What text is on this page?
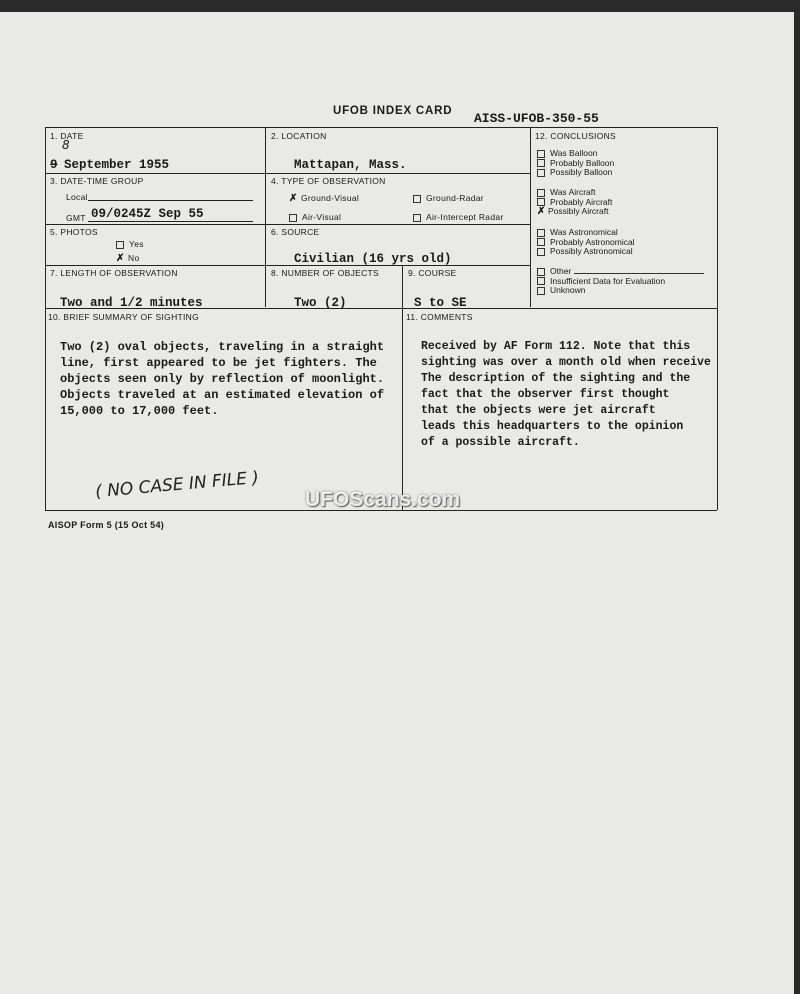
UFOB INDEX CARD AISS-UFOB-350-55
1. DATE
8
9 September 1955
2. LOCATION
Mattapan, Mass.
3. DATE-TIME GROUP
Local
GMT 09/0245Z Sep 55
4. TYPE OF OBSERVATION
✗ Ground-Visual	Ground-Radar
Air-Visual	Air-Intercept Radar
5. PHOTOS
Yes
✗ No
6. SOURCE
Civilian (16 yrs old)
7. LENGTH OF OBSERVATION
Two and 1/2 minutes
8. NUMBER OF OBJECTS
Two (2)
9. COURSE
S to SE
12. CONCLUSIONS
Was Balloon
Probably Balloon
Possibly Balloon
Was Aircraft
Probably Aircraft
✗ Possibly Aircraft
Was Astronomical
Probably Astronomical
Possibly Astronomical
Other
Insufficient Data for Evaluation
Unknown
10. BRIEF SUMMARY OF SIGHTING
Two (2) oval objects, traveling in a straight
line, first appeared to be jet fighters. The
objects seen only by reflection of moonlight.
Objects traveled at an estimated elevation of
15,000 to 17,000 feet.
11. COMMENTS
Received by AF Form 112. Note that this
sighting was over a month old when receive
The description of the sighting and the
fact that the observer first thought
that the objects were jet aircraft
leads this headquarters to the opinion
of a possible aircraft.
( NO CASE IN FILE ) UFOScans.com
AISOP Form 5 (15 Oct 54)
